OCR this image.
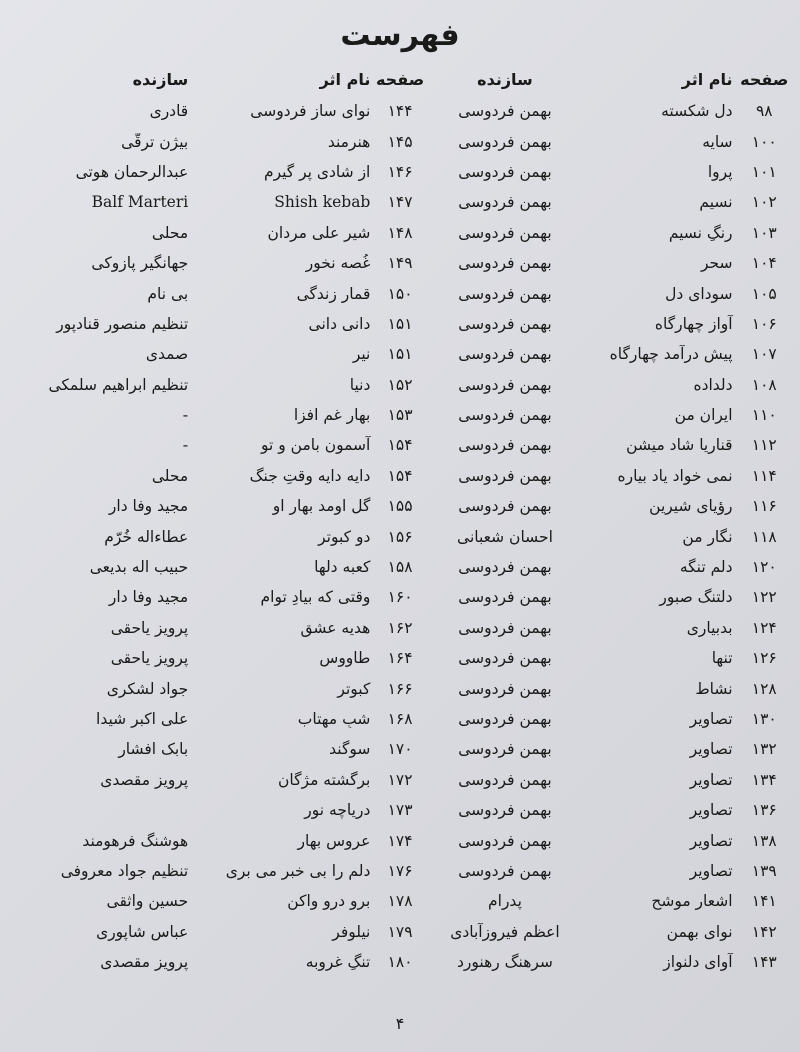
فهرست
صفحه
نام اثر
سازنده
صفحه
نام اثر
سازنده
۹۸
دل شکسته
بهمن فردوسی
۱۴۴
نوای ساز فردوسی
قادری
۱۰۰
سایه
بهمن فردوسی
۱۴۵
هنرمند
بیژن ترقّی
۱۰۱
پروا
بهمن فردوسی
۱۴۶
از شادی پر گیرم
عبدالرحمان هوتی
۱۰۲
نسیم
بهمن فردوسی
۱۴۷
Shish kebab
Balf Marteri
۱۰۳
رنگِ نسیم
بهمن فردوسی
۱۴۸
شیر علی مردان
محلی
۱۰۴
سحر
بهمن فردوسی
۱۴۹
غُصه نخور
جهانگیر پازوکی
۱۰۵
سودای دل
بهمن فردوسی
۱۵۰
قمار زندگی
بی نام
۱۰۶
آواز چهارگاه
بهمن فردوسی
۱۵۱
دانی دانی
تنظیم منصور قنادپور
۱۰۷
پیش درآمد چهارگاه
بهمن فردوسی
۱۵۱
نیر
صمدی
۱۰۸
دلداده
بهمن فردوسی
۱۵۲
دنیا
تنظیم ابراهیم سلمکی
۱۱۰
ایرانِ من
بهمن فردوسی
۱۵۳
بهار غم افزا
-
۱۱۲
قناریا شاد میشن
بهمن فردوسی
۱۵۴
آسمون بامن و تو
-
۱۱۴
نمی خواد یاد بیاره
بهمن فردوسی
۱۵۴
دایه دایه وقتِ جنگ
محلی
۱۱۶
رؤیای شیرین
بهمن فردوسی
۱۵۵
گل اومد بهار او
مجید وفا دار
۱۱۸
نگار من
احسان شعبانی
۱۵۶
دو کبوتر
عطاءاله خُرّم
۱۲۰
دلم تنگه
بهمن فردوسی
۱۵۸
کعبه دلها
حبیب اله بدیعی
۱۲۲
دلتنگ صبور
بهمن فردوسی
۱۶۰
وقتی که بیادِ توام
مجید وفا دار
۱۲۴
بدبیاری
بهمن فردوسی
۱۶۲
هدیه عشق
پرویز یاحقی
۱۲۶
تنها
بهمن فردوسی
۱۶۴
طاووس
پرویز یاحقی
۱۲۸
نشاط
بهمن فردوسی
۱۶۶
کبوتر
جواد لشکری
۱۳۰
تصاویر
بهمن فردوسی
۱۶۸
شبِ مهتاب
علی اکبر شیدا
۱۳۲
تصاویر
بهمن فردوسی
۱۷۰
سوگند
بابک افشار
۱۳۴
تصاویر
بهمن فردوسی
۱۷۲
برگشته مژگان
پرویز مقصدی
۱۳۶
تصاویر
بهمن فردوسی
۱۷۳
دریاچه نور
۱۳۸
تصاویر
بهمن فردوسی
۱۷۴
عروس بهار
هوشنگ فرهومند
۱۳۹
تصاویر
بهمن فردوسی
۱۷۶
دلم را بی خبر می بری
تنظیم جواد معروفی
۱۴۱
اشعار موشح
پدرام
۱۷۸
برو درو واکن
حسین واثقی
۱۴۲
نوای بهمن
اعظم فیروزآبادی
۱۷۹
نیلوفر
عباس شاپوری
۱۴۳
آوای دلنواز
سرهنگ رهنورد
۱۸۰
تنگِ غروبه
پرویز مقصدی
۴
